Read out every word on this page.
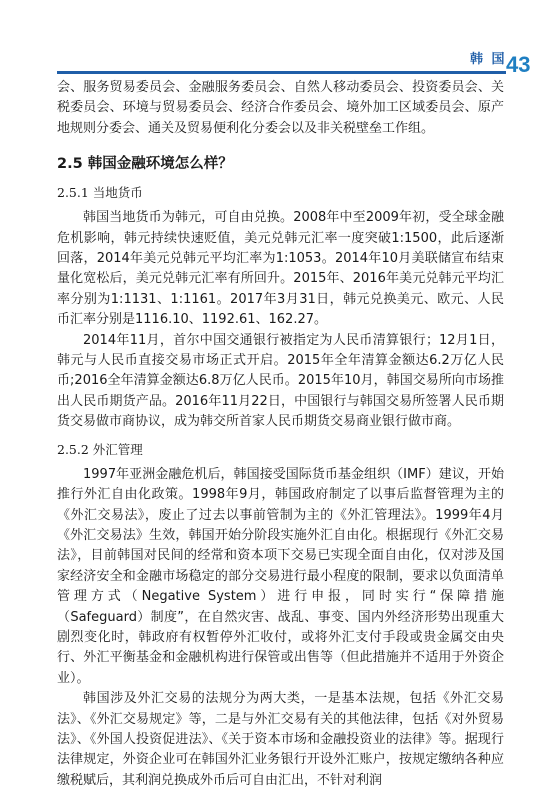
韩 国 43

会、服务贸易委员会、金融服务委员会、自然人移动委员会、投资委员会、关税委员会、环境与贸易委员会、经济合作委员会、境外加工区域委员会、原产地规则分委会、通关及贸易便利化分委会以及非关税壁垒工作组。

2.5 韩国金融环境怎么样？
2.5.1 当地货币

韩国当地货币为韩元，可自由兑换。2008年中至2009年初，受全球金融危机影响，韩元持续快速贬值，美元兑韩元汇率一度突破1:1500，此后逐渐回落，2014年美元兑韩元平均汇率为1:1053。2014年10月美联储宣布结束量化宽松后，美元兑韩元汇率有所回升。2015年、2016年美元兑韩元平均汇率分别为1:1131、1:1161。2017年3月31日，韩元兑换美元、欧元、人民币汇率分别是1116.10、1192.61、162.27。

2014年11月，首尔中国交通银行被指定为人民币清算银行；12月1日，韩元与人民币直接交易市场正式开启。2015年全年清算金额达6.2万亿人民币;2016全年清算金额达6.8万亿人民币。2015年10月，韩国交易所向市场推出人民币期货产品。2016年11月22日，中国银行与韩国交易所签署人民币期货交易做市商协议，成为韩交所首家人民币期货交易商业银行做市商。

2.5.2 外汇管理

1997年亚洲金融危机后，韩国接受国际货币基金组织（IMF）建议，开始推行外汇自由化政策。1998年9月，韩国政府制定了以事后监督管理为主的《外汇交易法》，废止了过去以事前管制为主的《外汇管理法》。1999年4月《外汇交易法》生效，韩国开始分阶段实施外汇自由化。根据现行《外汇交易法》，目前韩国对民间的经常和资本项下交易已实现全面自由化，仅对涉及国家经济安全和金融市场稳定的部分交易进行最小程度的限制，要求以负面清单管理方式（Negative System）进行申报，同时实行“保障措施（Safeguard）制度”，在自然灾害、战乱、事变、国内外经济形势出现重大剧烈变化时，韩政府有权暂停外汇收付，或将外汇支付手段或贵金属交由央行、外汇平衡基金和金融机构进行保管或出售等（但此措施并不适用于外资企业）。

韩国涉及外汇交易的法规分为两大类，一是基本法规，包括《外汇交易法》、《外汇交易规定》等，二是与外汇交易有关的其他法律，包括《对外贸易法》、《外国人投资促进法》、《关于资本市场和金融投资业的法律》等。据现行法律规定，外资企业可在韩国外汇业务银行开设外汇账户，按规定缴纳各种应缴税赋后，其利润兑换成外币后可自由汇出，不针对利润
